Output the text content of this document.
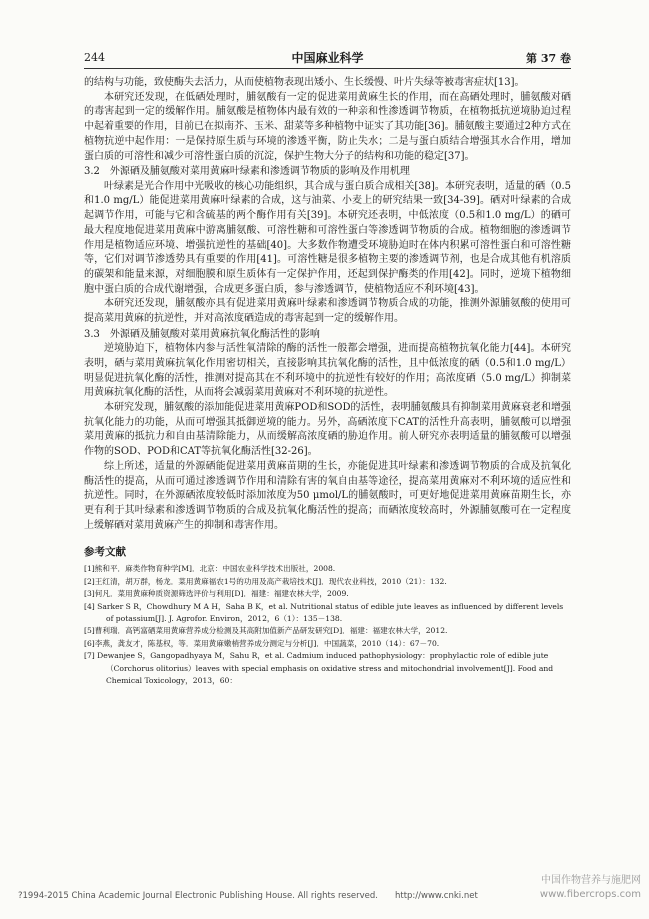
244	中国麻业科学	第 37 卷

的结构与功能，致使酶失去活力，从而使植物表现出矮小、生长缓慢、叶片失绿等被毒害症状[13]。

本研究还发现，在低硒处理时，脯氨酸有一定的促进菜用黄麻生长的作用，而在高硒处理时，脯氨酸对硒的毒害起到一定的缓解作用。脯氨酸是植物体内最有效的一种亲和性渗透调节物质，在植物抵抗逆境胁迫过程中起着重要的作用，目前已在拟南芥、玉米、甜菜等多种植物中证实了其功能[36]。脯氨酸主要通过2种方式在植物抗逆中起作用：一是保持原生质与环境的渗透平衡，防止失水；二是与蛋白质结合增强其水合作用，增加蛋白质的可溶性和减少可溶性蛋白质的沉淀，保护生物大分子的结构和功能的稳定[37]。

3.2　外源硒及脯氨酸对菜用黄麻叶绿素和渗透调节物质的影响及作用机理

叶绿素是光合作用中光吸收的核心功能组织，其合成与蛋白质合成相关[38]。本研究表明，适量的硒（0.5和1.0 mg/L）能促进菜用黄麻叶绿素的合成，这与油菜、小麦上的研究结果一致[34-39]。硒对叶绿素的合成起调节作用，可能与它和含硫基的两个酶作用有关[39]。本研究还表明，中低浓度（0.5和1.0 mg/L）的硒可最大程度地促进菜用黄麻中游离脯氨酸、可溶性糖和可溶性蛋白等渗透调节物质的合成。植物细胞的渗透调节作用是植物适应环境、增强抗逆性的基础[40]。大多数作物遭受环境胁迫时在体内积累可溶性蛋白和可溶性糖等，它们对调节渗透势具有重要的作用[41]。可溶性糖是很多植物主要的渗透调节剂，也是合成其他有机溶质的碳架和能量来源，对细胞膜和原生质体有一定保护作用，还起到保护酶类的作用[42]。同时，逆境下植物细胞中蛋白质的合成代谢增强，合成更多蛋白质，参与渗透调节，使植物适应不利环境[43]。

本研究还发现，脯氨酸亦具有促进菜用黄麻叶绿素和渗透调节物质合成的功能，推测外源脯氨酸的使用可提高菜用黄麻的抗逆性，并对高浓度硒造成的毒害起到一定的缓解作用。

3.3　外源硒及脯氨酸对菜用黄麻抗氧化酶活性的影响

逆境胁迫下，植物体内参与活性氧清除的酶的活性一般都会增强，进而提高植物抗氧化能力[44]。本研究表明，硒与菜用黄麻抗氧化作用密切相关，直接影响其抗氧化酶的活性，且中低浓度的硒（0.5和1.0 mg/L）明显促进抗氧化酶的活性，推测对提高其在不利环境中的抗逆性有较好的作用；高浓度硒（5.0 mg/L）抑制菜用黄麻抗氧化酶的活性，从而将会减弱菜用黄麻对不利环境的抗逆性。

本研究发现，脯氨酸的添加能促进菜用黄麻POD和SOD的活性，表明脯氨酸具有抑制菜用黄麻衰老和增强抗氧化能力的功能，从而可增强其抵御逆境的能力。另外，高硒浓度下CAT的活性升高表明，脯氨酸可以增强菜用黄麻的抵抗力和自由基清除能力，从而缓解高浓度硒的胁迫作用。前人研究亦表明适量的脯氨酸可以增强作物的SOD、POD和CAT等抗氧化酶活性[32-26]。

综上所述，适量的外源硒能促进菜用黄麻苗期的生长，亦能促进其叶绿素和渗透调节物质的合成及抗氧化酶活性的提高，从而可通过渗透调节作用和清除有害的氧自由基等途径，提高菜用黄麻对不利环境的适应性和抗逆性。同时，在外源硒浓度较低时添加浓度为50 μmol/L的脯氨酸时，可更好地促进菜用黄麻苗期生长，亦更有利于其叶绿素和渗透调节物质的合成及抗氧化酶活性的提高；而硒浓度较高时，外源脯氨酸可在一定程度上缓解硒对菜用黄麻产生的抑制和毒害作用。

参考文献
[1]熊和平．麻类作物育种学[M]．北京：中国农业科学技术出版社，2008.
[2]王红清，胡万群，杨龙．菜用黄麻福农1号的功用及高产栽培技术[J]．现代农业科技，2010（21）：132.
[3]何凡．菜用黄麻种质资源筛选评价与利用[D]．福建：福建农林大学，2009.
[4] Sarker S R，Chowdhury M A H，Saha B K，et al. Nutritional status of edible jute leaves as influenced by different levels of potassium[J]. J. Agrofor. Environ，2012，6（1）：135－138.
[5]曹利瑞．高钙富硒菜用黄麻营养成分检测及其高附加值新产品研发研究[D]．福建：福建农林大学，2012.
[6]李燕，龚友才，陈基权，等．菜用黄麻嫩梢营养成分测定与分析[J]．中国蔬菜，2010（14）：67－70.
[7] Dewanjee S，Gangopadhyaya M，Sahu R，et al. Cadmium induced pathophysiology：prophylactic role of edible jute（Corchorus olitorius）leaves with special emphasis on oxidative stress and mitochondrial involvement[J]. Food and Chemical Toxicology，2013，60：
?1994-2015 China Academic Journal Electronic Publishing House. All rights reserved.　　http://www.cnki.net
中国作物营养与施肥网
www.fibercrops.com
